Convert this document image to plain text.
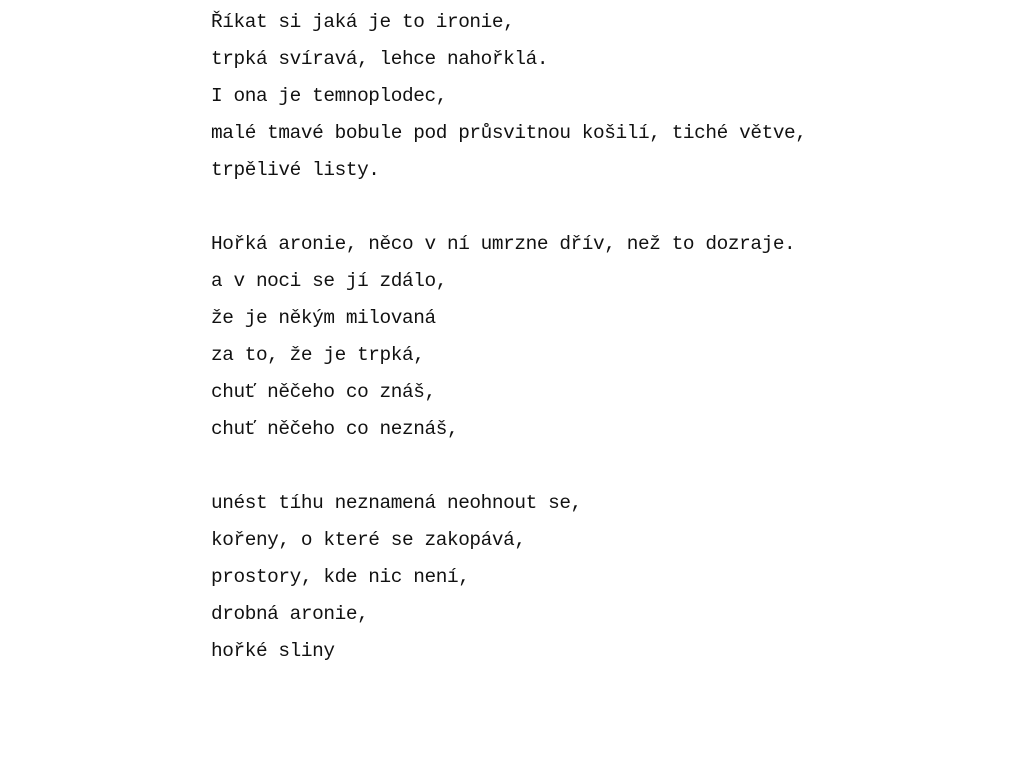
Říkat si jaká je to ironie,
trpká svíravá, lehce nahořklá.
I ona je temnoplodec,
malé tmavé bobule pod průsvitnou košilí, tiché větve,
trpělivé listy.
Hořká aronie, něco v ní umrzne dřív, než to dozraje.
a v noci se jí zdálo,
že je někým milovaná
za to, že je trpká,
chuť něčeho co znáš,
chuť něčeho co neznáš,
unést tíhu neznamená neohnout se,
kořeny, o které se zakopává,
prostory, kde nic není,
drobná aronie,
hořké sliny
